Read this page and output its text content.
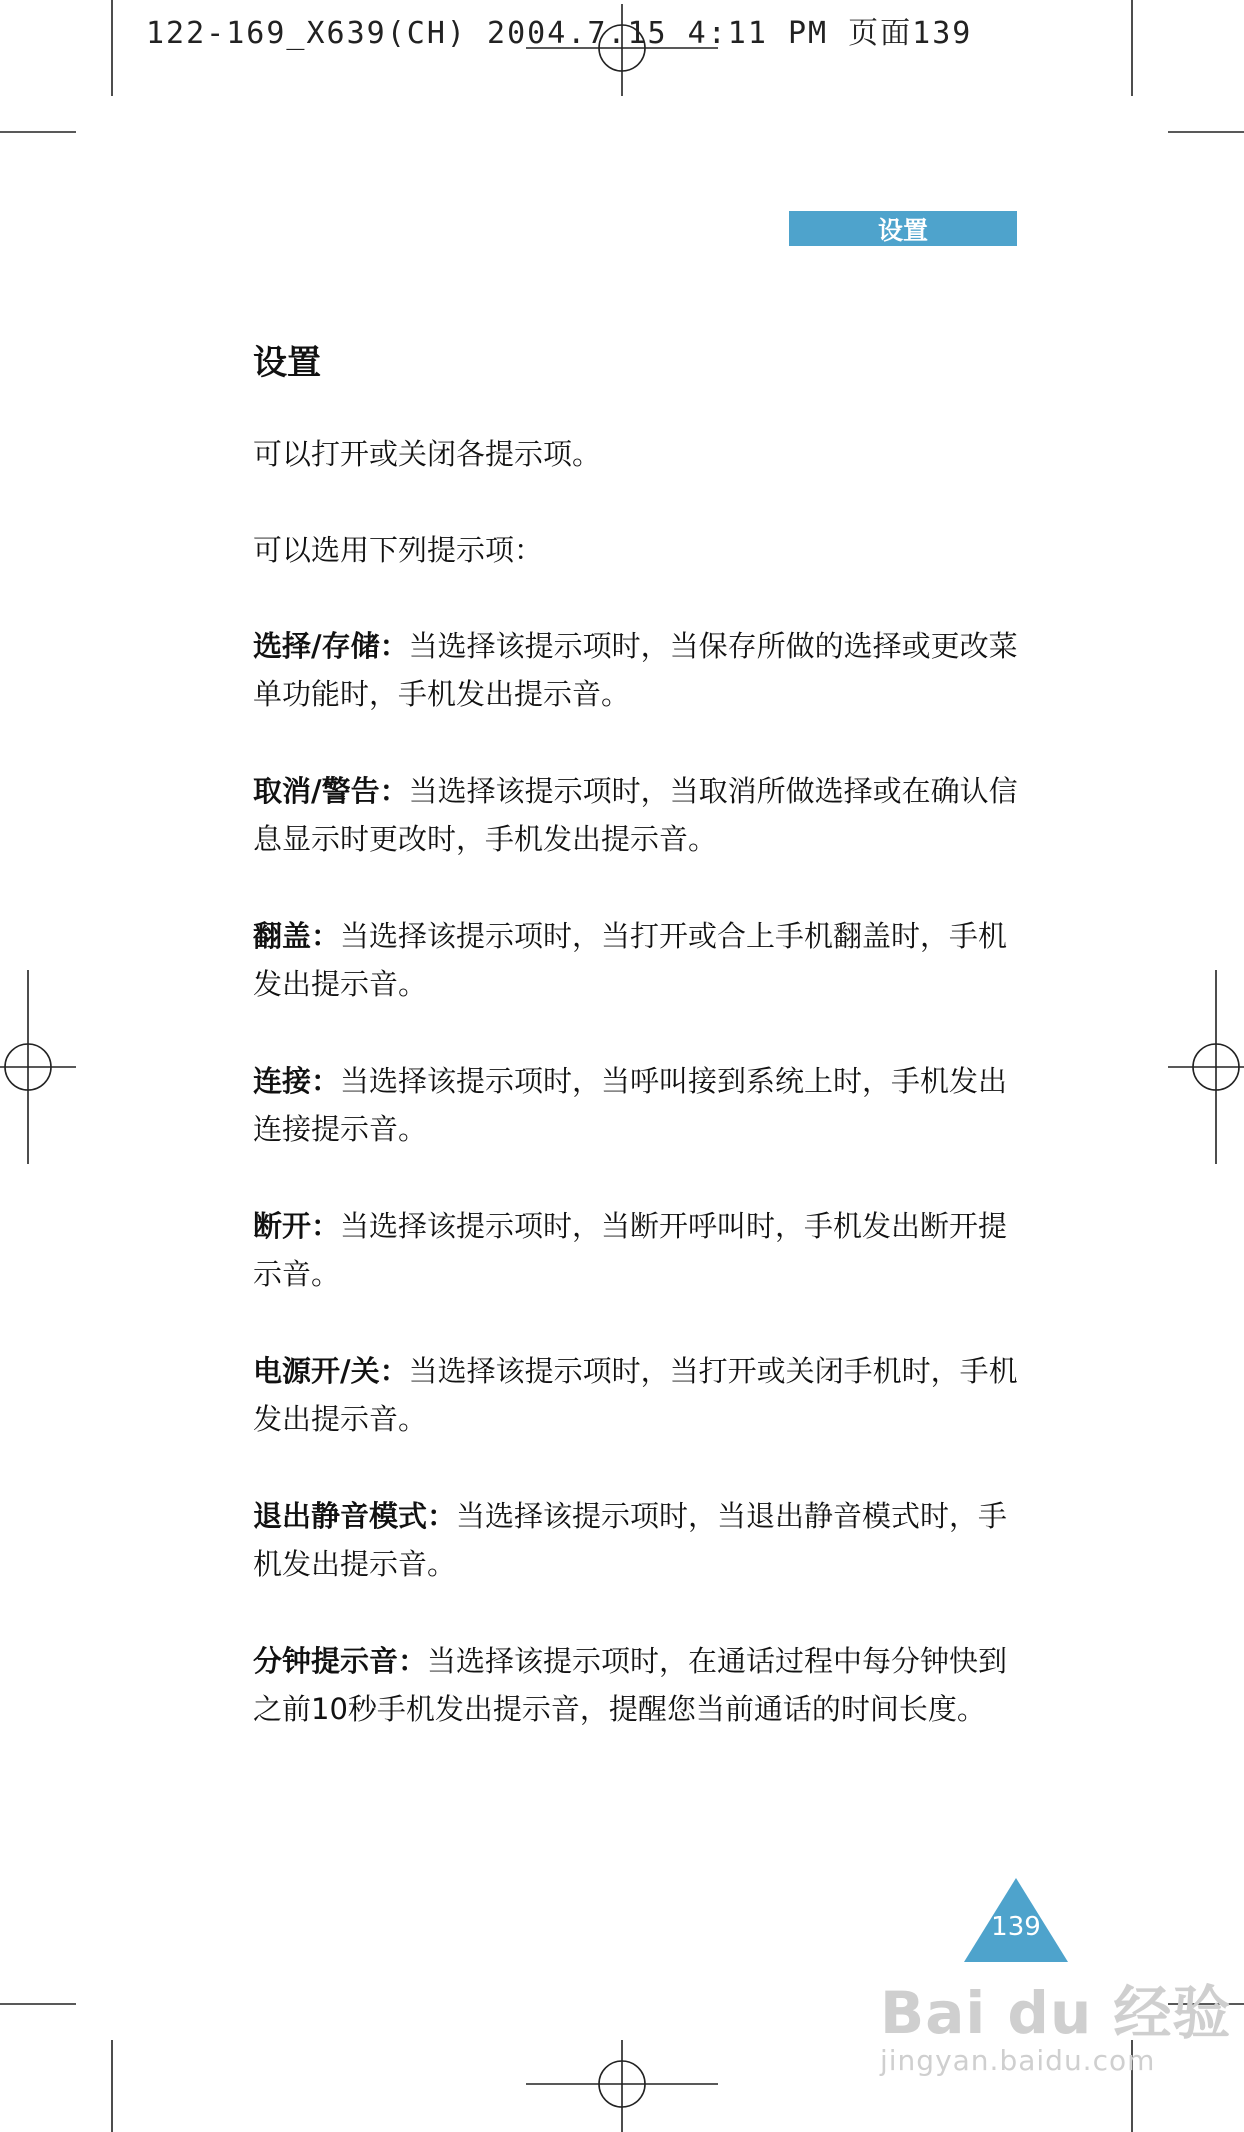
122-169_X639(CH) 2004.7.15 4:11 PM 页面139
设置
设置

可以打开或关闭各提示项。

可以选用下列提示项：

选择/存储：当选择该提示项时，当保存所做的选择或更改菜单功能时，手机发出提示音。

取消/警告：当选择该提示项时，当取消所做选择或在确认信息显示时更改时，手机发出提示音。

翻盖：当选择该提示项时，当打开或合上手机翻盖时，手机发出提示音。

连接：当选择该提示项时，当呼叫接到系统上时，手机发出连接提示音。

断开：当选择该提示项时，当断开呼叫时，手机发出断开提示音。

电源开/关：当选择该提示项时，当打开或关闭手机时，手机发出提示音。

退出静音模式：当选择该提示项时，当退出静音模式时，手机发出提示音。

分钟提示音：当选择该提示项时，在通话过程中每分钟快到之前10秒手机发出提示音，提醒您当前通话的时间长度。

139
Bai du 经验
jingyan.baidu.com
